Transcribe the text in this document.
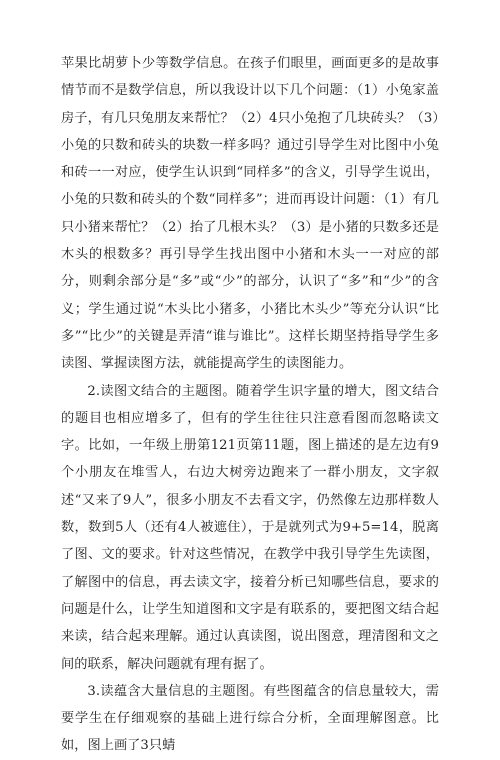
苹果比胡萝卜少等数学信息。在孩子们眼里，画面更多的是故事情节而不是数学信息，所以我设计以下几个问题：（1）小兔家盖房子，有几只兔朋友来帮忙？（2）4只小兔抱了几块砖头？（3）小兔的只数和砖头的块数一样多吗？通过引导学生对比图中小兔和砖一一对应，使学生认识到“同样多”的含义，引导学生说出，小兔的只数和砖头的个数“同样多”；进而再设计问题：（1）有几只小猪来帮忙？（2）抬了几根木头？（3）是小猪的只数多还是木头的根数多？再引导学生找出图中小猪和木头一一对应的部分，则剩余部分是“多”或“少”的部分，认识了“多”和“少”的含义；学生通过说“木头比小猪多，小猪比木头少”等充分认识“比多”“比少”的关键是弄清“谁与谁比”。这样长期坚持指导学生多读图、掌握读图方法，就能提高学生的读图能力。

2.读图文结合的主题图。随着学生识字量的增大，图文结合的题目也相应增多了，但有的学生往往只注意看图而忽略读文字。比如，一年级上册第121页第11题，图上描述的是左边有9个小朋友在堆雪人，右边大树旁边跑来了一群小朋友，文字叙述“又来了9人”，很多小朋友不去看文字，仍然像左边那样数人数，数到5人（还有4人被遮住），于是就列式为9+5=14，脱离了图、文的要求。针对这些情况，在教学中我引导学生先读图，了解图中的信息，再去读文字，接着分析已知哪些信息，要求的问题是什么，让学生知道图和文字是有联系的，要把图文结合起来读，结合起来理解。通过认真读图，说出图意，理清图和文之间的联系，解决问题就有理有据了。

3.读蕴含大量信息的主题图。有些图蕴含的信息量较大，需要学生在仔细观察的基础上进行综合分析，全面理解图意。比如，图上画了3只蜻
